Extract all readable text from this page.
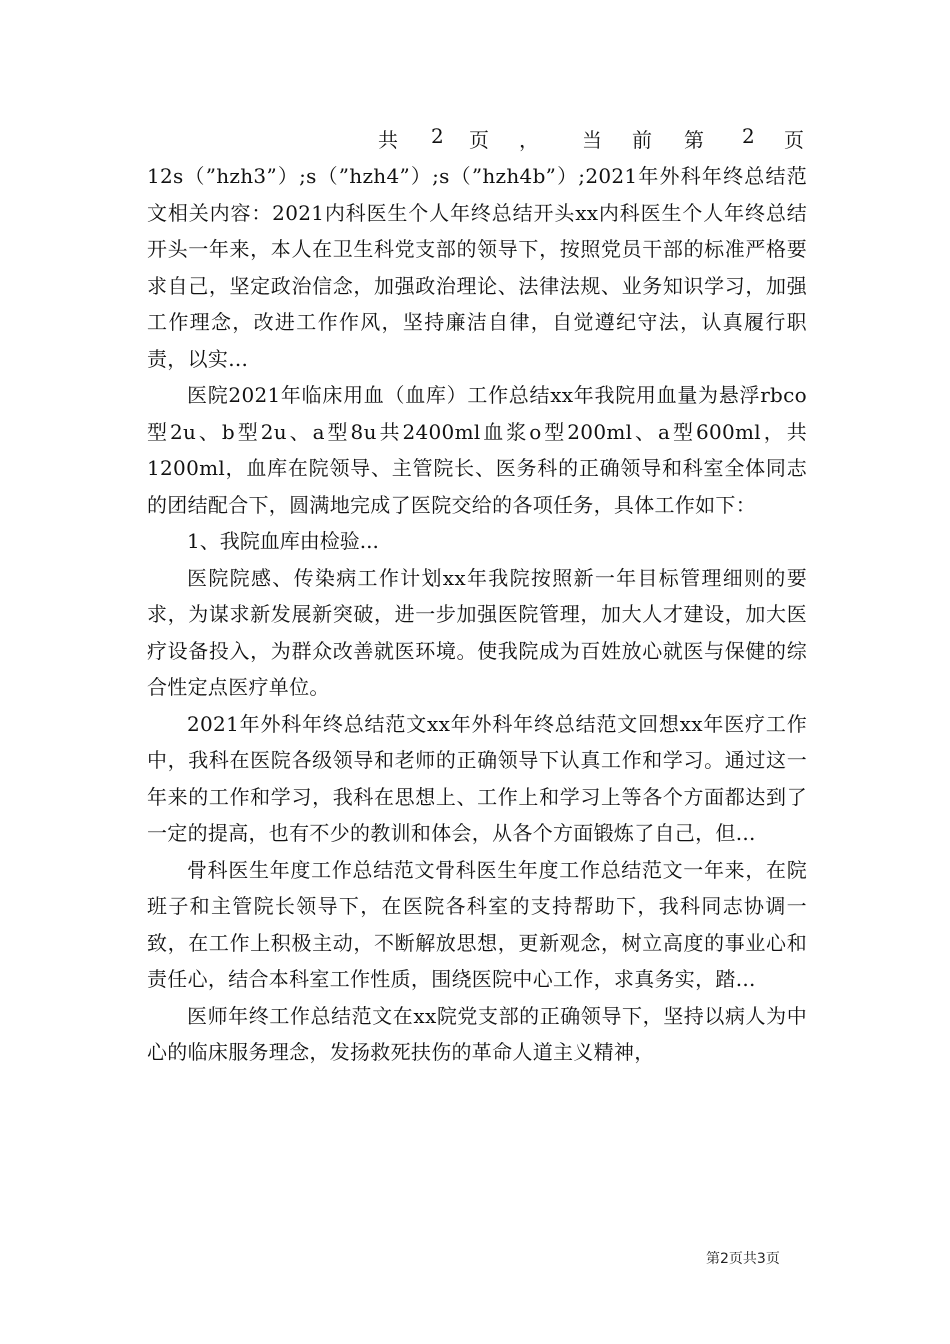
共 2 页 ， 当 前 第 2 页

12s（”hzh3”）;s（”hzh4”）;s（”hzh4b”）;2021年外科年终总结范文相关内容：2021内科医生个人年终总结开头xx内科医生个人年终总结开头一年来，本人在卫生科党支部的领导下，按照党员干部的标准严格要求自己，坚定政治信念，加强政治理论、法律法规、业务知识学习，加强工作理念，改进工作作风，坚持廉洁自律，自觉遵纪守法，认真履行职责，以实...

医院2021年临床用血（血库）工作总结xx年我院用血量为悬浮rbco型2u、b型2u、a型8u共2400ml血浆o型200ml、a型600ml，共1200ml，血库在院领导、主管院长、医务科的正确领导和科室全体同志的团结配合下，圆满地完成了医院交给的各项任务，具体工作如下：

1、我院血库由检验...

医院院感、传染病工作计划xx年我院按照新一年目标管理细则的要求，为谋求新发展新突破，进一步加强医院管理，加大人才建设，加大医疗设备投入，为群众改善就医环境。使我院成为百姓放心就医与保健的综合性定点医疗单位。

2021年外科年终总结范文xx年外科年终总结范文回想xx年医疗工作中，我科在医院各级领导和老师的正确领导下认真工作和学习。通过这一年来的工作和学习，我科在思想上、工作上和学习上等各个方面都达到了一定的提高，也有不少的教训和体会，从各个方面锻炼了自己，但...

骨科医生年度工作总结范文骨科医生年度工作总结范文一年来，在院班子和主管院长领导下，在医院各科室的支持帮助下，我科同志协调一致，在工作上积极主动，不断解放思想，更新观念，树立高度的事业心和责任心，结合本科室工作性质，围绕医院中心工作，求真务实，踏...

医师年终工作总结范文在xx院党支部的正确领导下，坚持以病人为中心的临床服务理念，发扬救死扶伤的革命人道主义精神，

第2页共3页
